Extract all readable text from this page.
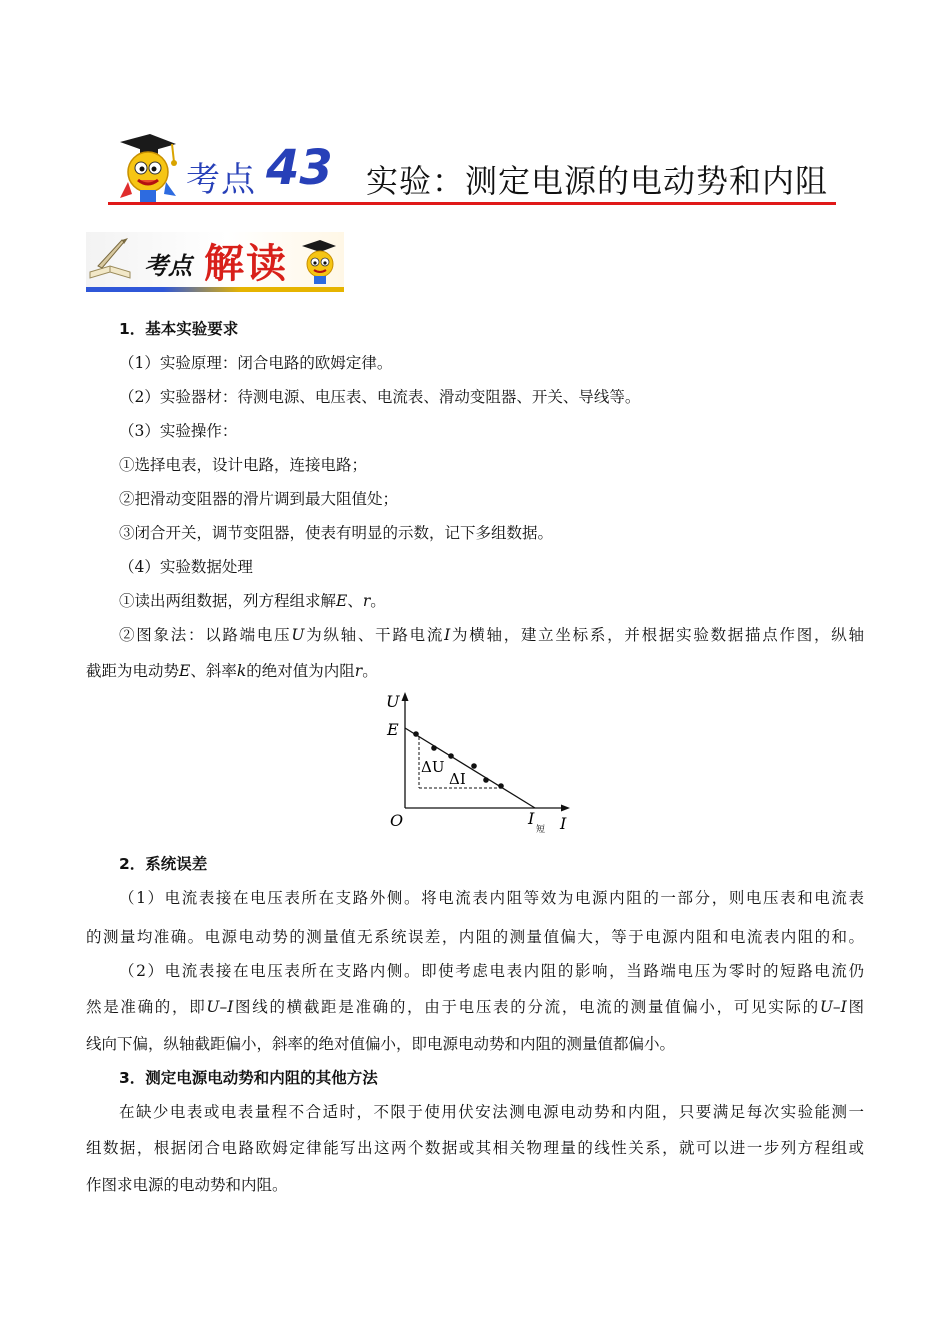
考点 43 实验：测定电源的电动势和内阻
考点 解读
1．基本实验要求
（1）实验原理：闭合电路的欧姆定律。
（2）实验器材：待测电源、电压表、电流表、滑动变阻器、开关、导线等。
（3）实验操作：
①选择电表，设计电路，连接电路；
②把滑动变阻器的滑片调到最大阻值处；
③闭合开关，调节变阻器，使表有明显的示数，记下多组数据。
（4）实验数据处理
①读出两组数据，列方程组求解E、r。
②图象法：以路端电压U为纵轴、干路电流I为横轴，建立坐标系，并根据实验数据描点作图，纵轴
截距为电动势E、斜率k的绝对值为内阻r。
U
E
O
ΔU
ΔI
I
短 I
2．系统误差
（1）电流表接在电压表所在支路外侧。将电流表内阻等效为电源内阻的一部分，则电压表和电流表
的测量均准确。电源电动势的测量值无系统误差，内阻的测量值偏大，等于电源内阻和电流表内阻的和。
（2）电流表接在电压表所在支路内侧。即使考虑电表内阻的影响，当路端电压为零时的短路电流仍
然是准确的，即U–I图线的横截距是准确的，由于电压表的分流，电流的测量值偏小，可见实际的U–I图
线向下偏，纵轴截距偏小，斜率的绝对值偏小，即电源电动势和内阻的测量值都偏小。
3．测定电源电动势和内阻的其他方法
在缺少电表或电表量程不合适时，不限于使用伏安法测电源电动势和内阻，只要满足每次实验能测一
组数据，根据闭合电路欧姆定律能写出这两个数据或其相关物理量的线性关系，就可以进一步列方程组或
作图求电源的电动势和内阻。
